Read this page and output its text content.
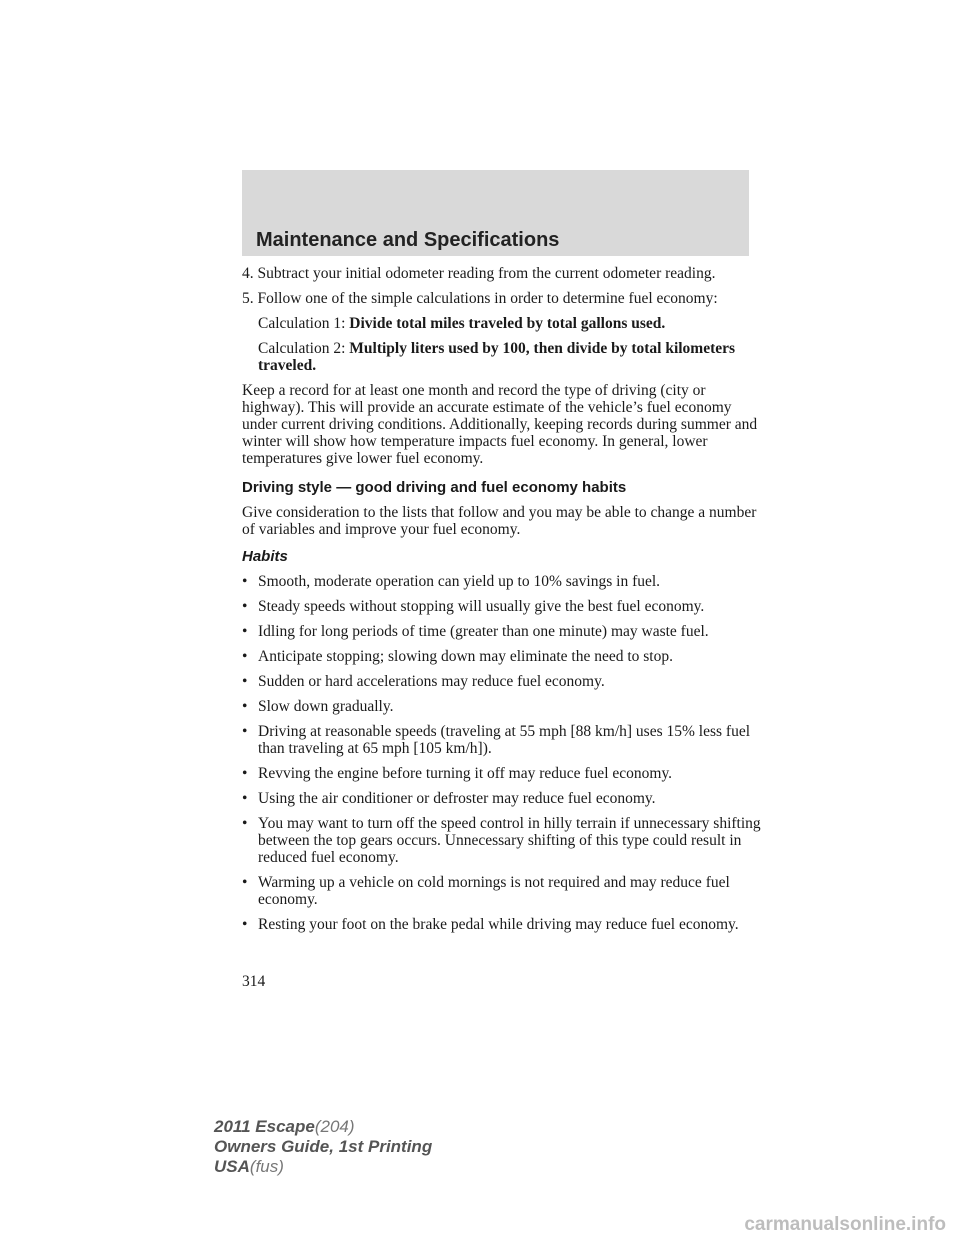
Maintenance and Specifications

4. Subtract your initial odometer reading from the current odometer reading.

5. Follow one of the simple calculations in order to determine fuel economy:

Calculation 1: Divide total miles traveled by total gallons used.

Calculation 2: Multiply liters used by 100, then divide by total kilometers traveled.

Keep a record for at least one month and record the type of driving (city or highway). This will provide an accurate estimate of the vehicle’s fuel economy under current driving conditions. Additionally, keeping records during summer and winter will show how temperature impacts fuel economy. In general, lower temperatures give lower fuel economy.

Driving style — good driving and fuel economy habits

Give consideration to the lists that follow and you may be able to change a number of variables and improve your fuel economy.

Habits
• Smooth, moderate operation can yield up to 10% savings in fuel.
• Steady speeds without stopping will usually give the best fuel economy.
• Idling for long periods of time (greater than one minute) may waste fuel.
• Anticipate stopping; slowing down may eliminate the need to stop.
• Sudden or hard accelerations may reduce fuel economy.
• Slow down gradually.
• Driving at reasonable speeds (traveling at 55 mph [88 km/h] uses 15% less fuel than traveling at 65 mph [105 km/h]).
• Revving the engine before turning it off may reduce fuel economy.
• Using the air conditioner or defroster may reduce fuel economy.
• You may want to turn off the speed control in hilly terrain if unnecessary shifting between the top gears occurs. Unnecessary shifting of this type could result in reduced fuel economy.
• Warming up a vehicle on cold mornings is not required and may reduce fuel economy.
• Resting your foot on the brake pedal while driving may reduce fuel economy.
314
2011 Escape(204)
Owners Guide, 1st Printing
USA(fus)
carmanualsonline.info
